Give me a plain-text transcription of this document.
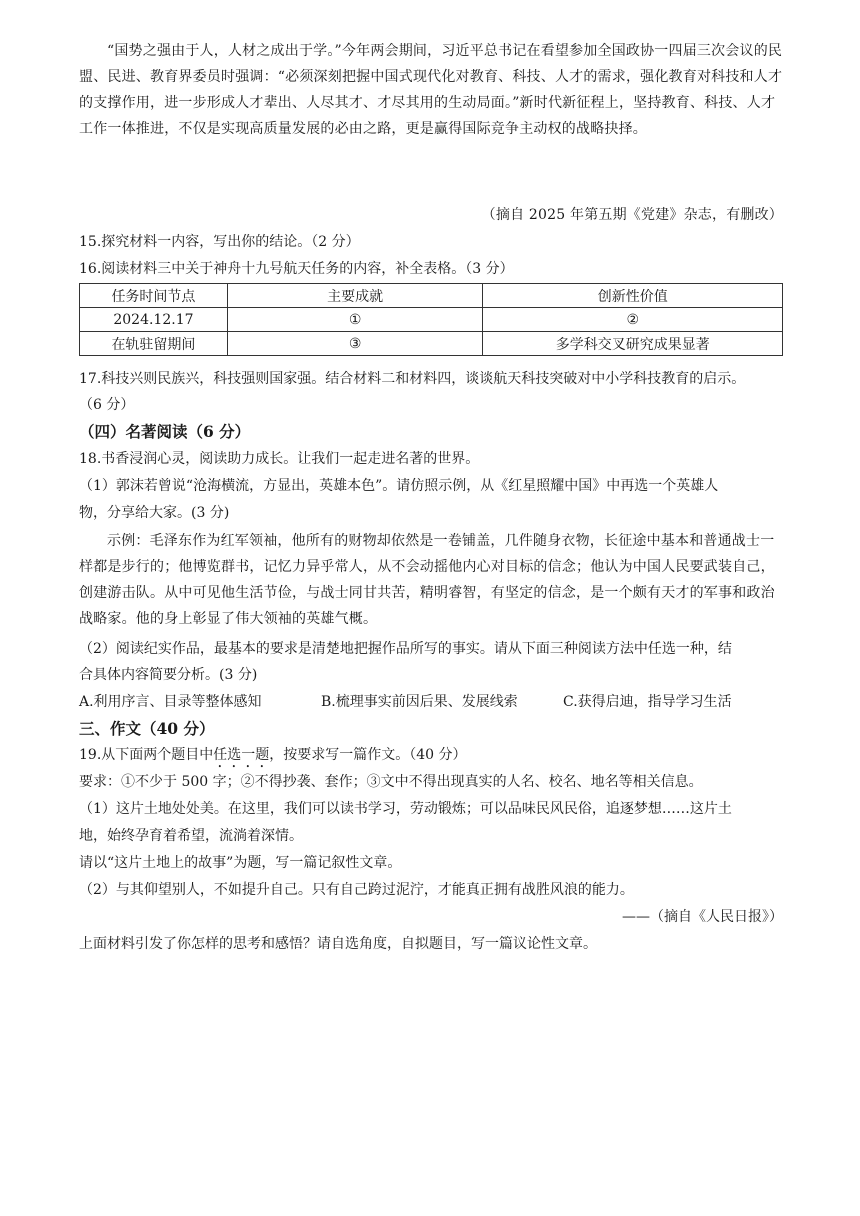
“国势之强由于人，人材之成出于学。”今年两会期间，习近平总书记在看望参加全国政协一四届三次会议的民盟、民进、教育界委员时强调：“必须深刻把握中国式现代化对教育、科技、人才的需求，强化教育对科技和人才的支撑作用，进一步形成人才辈出、人尽其才、才尽其用的生动局面。”新时代新征程上，坚持教育、科技、人才工作一体推进，不仅是实现高质量发展的必由之路，更是赢得国际竞争主动权的战略抉择。
（摘自 2025 年第五期《党建》杂志，有删改）
15.探究材料一内容，写出你的结论。（2 分）
16.阅读材料三中关于神舟十九号航天任务的内容，补全表格。（3 分）
任务时间节点	主要成就	创新性价值
2024.12.17	①	②
在轨驻留期间	③	多学科交叉研究成果显著
17.科技兴则民族兴，科技强则国家强。结合材料二和材料四，谈谈航天科技突破对中小学科技教育的启示。
（6 分）
（四）名著阅读（6 分）
18.书香浸润心灵，阅读助力成长。让我们一起走进名著的世界。
（1）郭沫若曾说“沧海横流，方显出，英雄本色”。请仿照示例，从《红星照耀中国》中再选一个英雄人
物，分享给大家。(3 分)
示例：毛泽东作为红军领袖，他所有的财物却依然是一卷铺盖，几件随身衣物，长征途中基本和普通战士一样都是步行的；他博览群书，记忆力异乎常人，从不会动摇他内心对目标的信念；他认为中国人民要武装自己，创建游击队。从中可见他生活节俭，与战士同甘共苦，精明睿智，有坚定的信念，是一个颇有天才的军事和政治战略家。他的身上彰显了伟大领袖的英雄气概。
（2）阅读纪实作品，最基本的要求是清楚地把握作品所写的事实。请从下面三种阅读方法中任选一种，结
合具体内容简要分析。(3 分)
A.利用序言、目录等整体感知	B.梳理事实前因后果、发展线索	C.获得启迪，指导学习生活
三、作文（40 分）
19.从下面两个题目中任选一题，按要求写一篇作文。（40 分）
要求：①不少于 500 字；②不得抄袭、套作；③文中不得出现真实的人名、校名、地名等相关信息。
（1）这片土地处处美。在这里，我们可以读书学习，劳动锻炼；可以品味民风民俗，追逐梦想……这片土
地，始终孕育着希望，流淌着深情。
请以“这片土地上的故事”为题，写一篇记叙性文章。
（2）与其仰望别人，不如提升自己。只有自己跨过泥泞，才能真正拥有战胜风浪的能力。
——（摘自《人民日报》）
上面材料引发了你怎样的思考和感悟？请自选角度，自拟题目，写一篇议论性文章。
